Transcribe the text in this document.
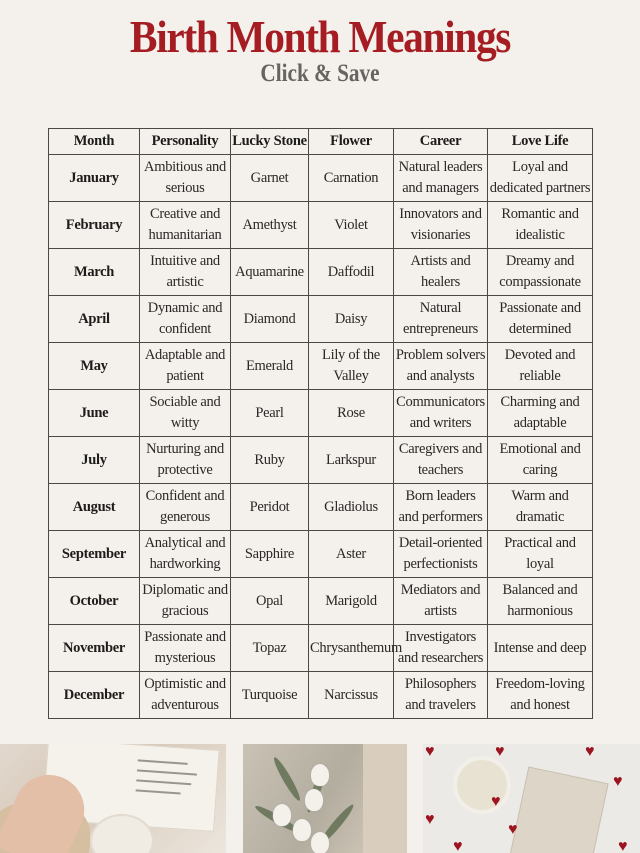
Birth Month Meanings
Click & Save
Month	Personality	Lucky Stone	Flower	Career	Love Life
January	Ambitious and serious	Garnet	Carnation	Natural leaders and managers	Loyal and dedicated partners
February	Creative and humanitarian	Amethyst	Violet	Innovators and visionaries	Romantic and idealistic
March	Intuitive and artistic	Aquamarine	Daffodil	Artists and healers	Dreamy and compassionate
April	Dynamic and confident	Diamond	Daisy	Natural entrepreneurs	Passionate and determined
May	Adaptable and patient	Emerald	Lily of the Valley	Problem solvers and analysts	Devoted and reliable
June	Sociable and witty	Pearl	Rose	Communicators and writers	Charming and adaptable
July	Nurturing and protective	Ruby	Larkspur	Caregivers and teachers	Emotional and caring
August	Confident and generous	Peridot	Gladiolus	Born leaders and performers	Warm and dramatic
September	Analytical and hardworking	Sapphire	Aster	Detail-oriented perfectionists	Practical and loyal
October	Diplomatic and gracious	Opal	Marigold	Mediators and artists	Balanced and harmonious
November	Passionate and mysterious	Topaz	Chrysanthemum	Investigators and researchers	Intense and deep
December	Optimistic and adventurous	Turquoise	Narcissus	Philosophers and travelers	Freedom-loving and honest
♥	♥	♥
♥
♥
♥
♥
♥	♥
